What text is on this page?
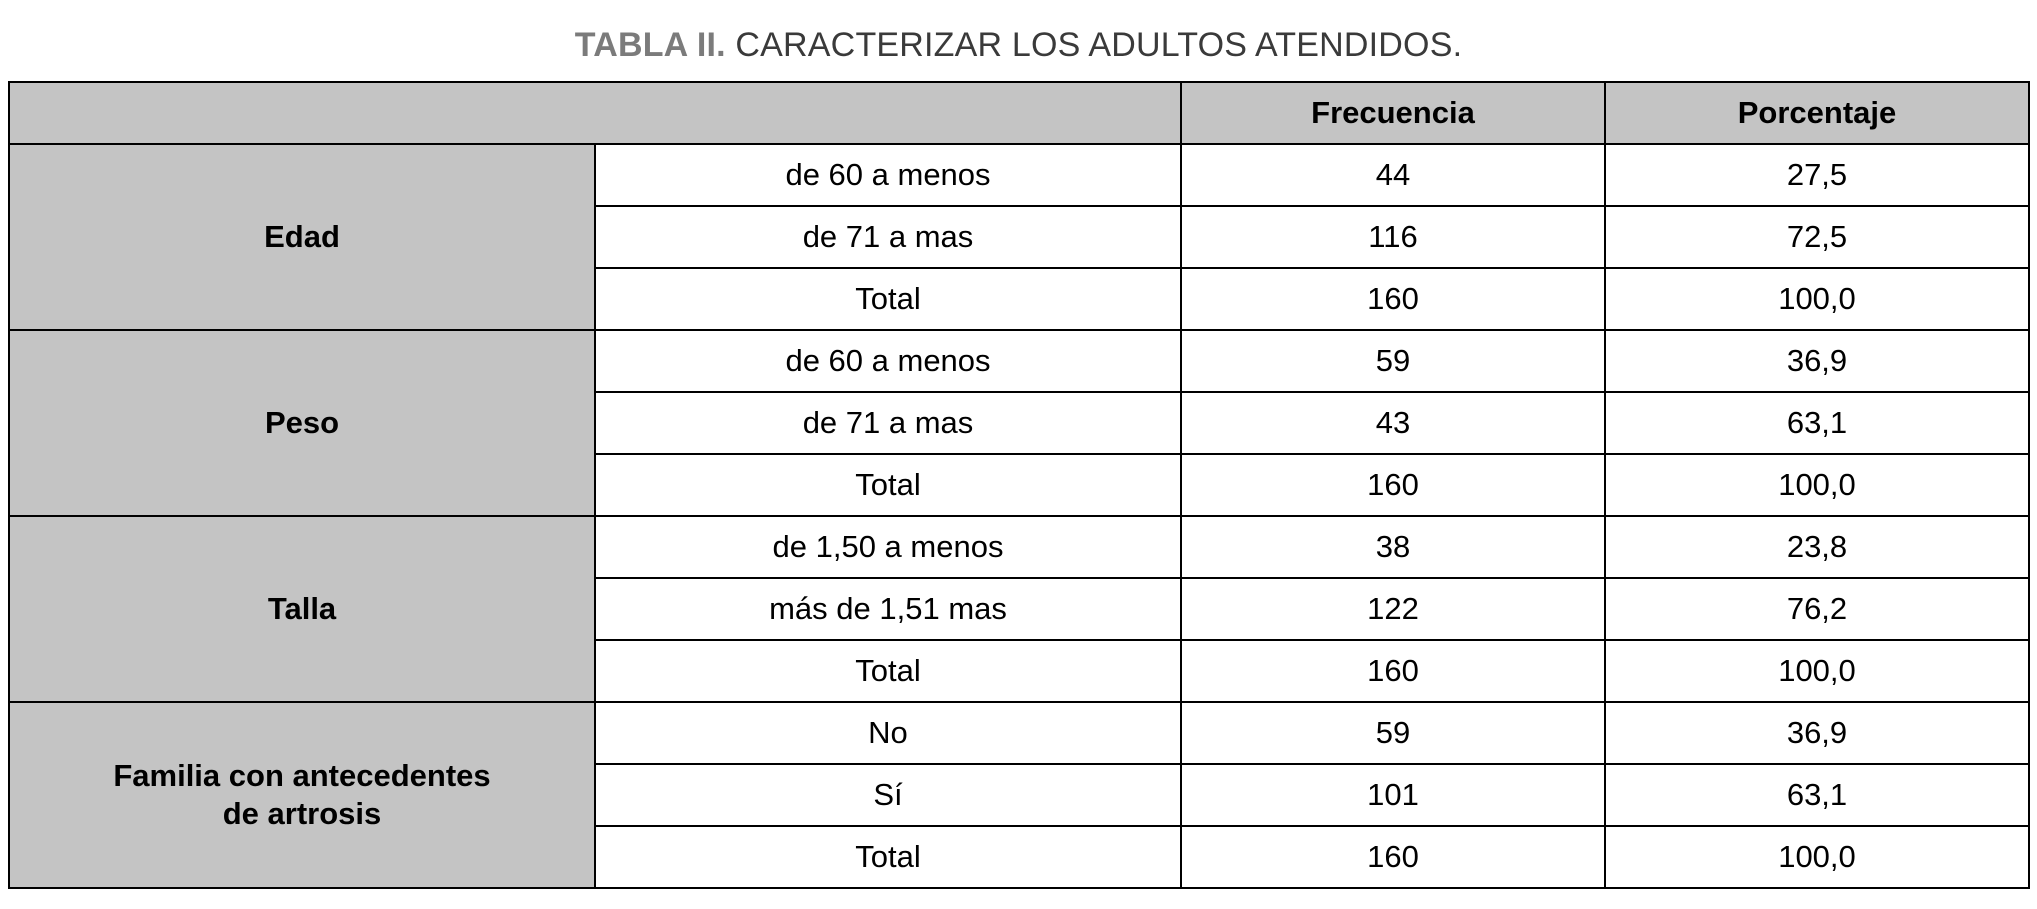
TABLA II. CARACTERIZAR LOS ADULTOS ATENDIDOS.
		Frecuencia	Porcentaje
Edad	de 60 a menos	44	27,5
	de 71 a mas	116	72,5
	Total	160	100,0
Peso	de 60 a menos	59	36,9
	de 71 a mas	43	63,1
	Total	160	100,0
Talla	de 1,50 a menos	38	23,8
	más de 1,51 mas	122	76,2
	Total	160	100,0
Familia con antecedentes
de artrosis	No	59	36,9
	Sí	101	63,1
	Total	160	100,0
